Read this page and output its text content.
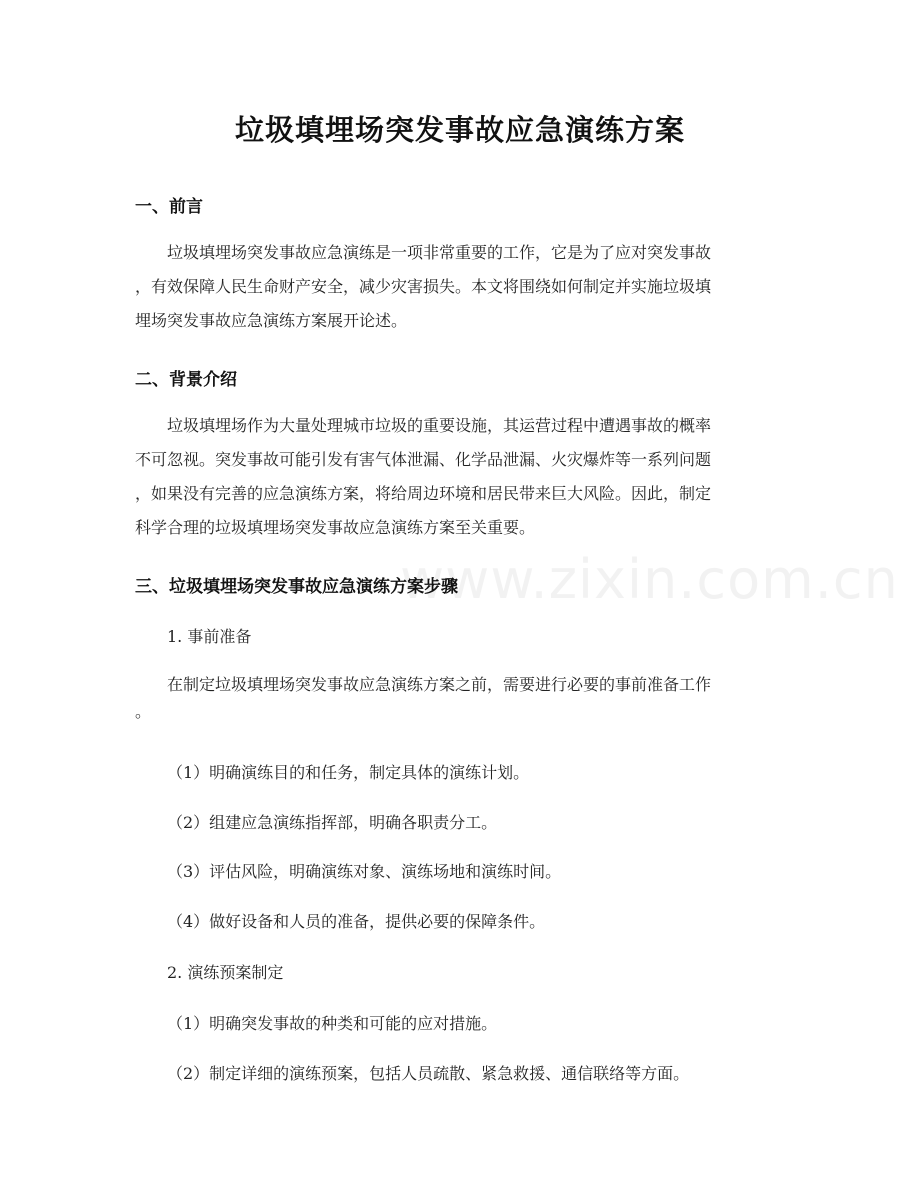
www.zixin.com.cn
垃圾填埋场突发事故应急演练方案
一、前言
垃圾填埋场突发事故应急演练是一项非常重要的工作，它是为了应对突发事故
，有效保障人民生命财产安全，减少灾害损失。本文将围绕如何制定并实施垃圾填
埋场突发事故应急演练方案展开论述。
二、背景介绍
垃圾填埋场作为大量处理城市垃圾的重要设施，其运营过程中遭遇事故的概率
不可忽视。突发事故可能引发有害气体泄漏、化学品泄漏、火灾爆炸等一系列问题
，如果没有完善的应急演练方案，将给周边环境和居民带来巨大风险。因此，制定
科学合理的垃圾填埋场突发事故应急演练方案至关重要。
三、垃圾填埋场突发事故应急演练方案步骤
1. 事前准备
在制定垃圾填埋场突发事故应急演练方案之前，需要进行必要的事前准备工作
。
（1）明确演练目的和任务，制定具体的演练计划。
（2）组建应急演练指挥部，明确各职责分工。
（3）评估风险，明确演练对象、演练场地和演练时间。
（4）做好设备和人员的准备，提供必要的保障条件。
2. 演练预案制定
（1）明确突发事故的种类和可能的应对措施。
（2）制定详细的演练预案，包括人员疏散、紧急救援、通信联络等方面。
